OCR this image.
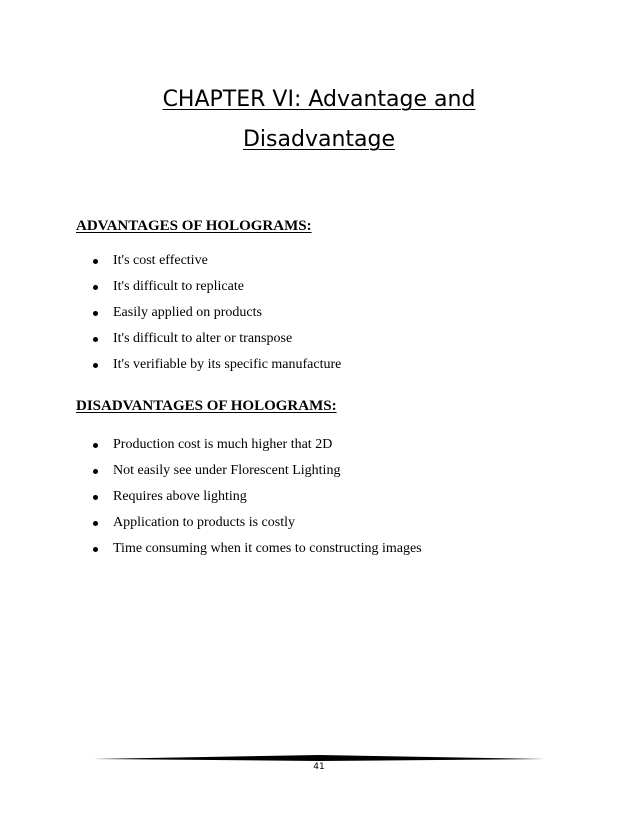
CHAPTER VI: Advantage and
Disadvantage
ADVANTAGES OF HOLOGRAMS:
It's cost effective
It's difficult to replicate
Easily applied on products
It's difficult to alter or transpose
It's verifiable by its specific manufacture
DISADVANTAGES OF HOLOGRAMS:
Production cost is much higher that 2D
Not easily see under Florescent Lighting
Requires above lighting
Application to products is costly
Time consuming when it comes to constructing images
41
